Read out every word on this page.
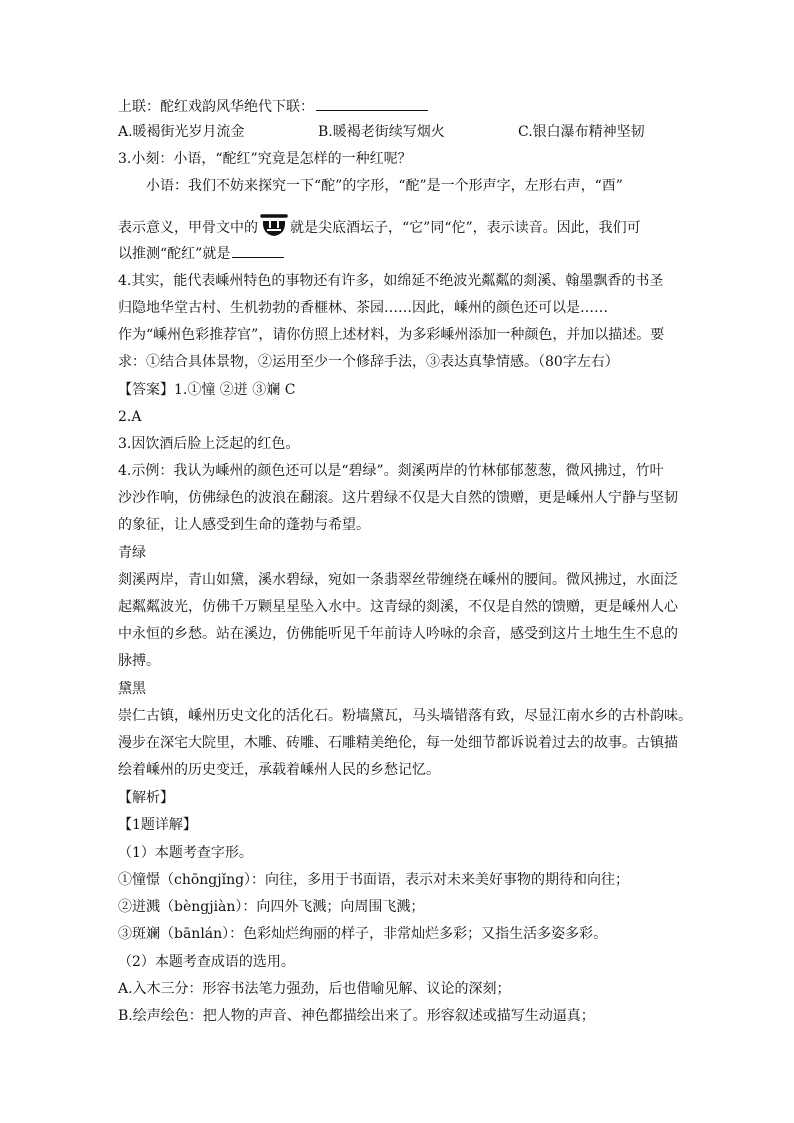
上联：酡红戏韵风华绝代下联：
A.暖褐街光岁月流金	B.暖褐老街续写烟火	C.银白瀑布精神坚韧
3.小刻：小语，“酡红”究竟是怎样的一种红呢？
小语：我们不妨来探究一下“酡”的字形，“酡”是一个形声字，左形右声，“酉”
表示意义，甲骨文中的 就是尖底酒坛子，“它”同“佗”，表示读音。因此，我们可
以推测“酡红”就是
4.其实，能代表嵊州特色的事物还有许多，如绵延不绝波光粼粼的剡溪、翰墨飘香的书圣
归隐地华堂古村、生机勃勃的香榧林、茶园……因此，嵊州的颜色还可以是……
作为“嵊州色彩推荐官”，请你仿照上述材料，为多彩嵊州添加一种颜色，并加以描述。要
求：①结合具体景物，②运用至少一个修辞手法，③表达真挚情感。（80字左右）
【答案】1.①憧 ②迸 ③斓 C
2.A
3.因饮酒后脸上泛起的红色。
4.示例：我认为嵊州的颜色还可以是“碧绿”。剡溪两岸的竹林郁郁葱葱，微风拂过，竹叶
沙沙作响，仿佛绿色的波浪在翻滚。这片碧绿不仅是大自然的馈赠，更是嵊州人宁静与坚韧
的象征，让人感受到生命的蓬勃与希望。
青绿
剡溪两岸，青山如黛，溪水碧绿，宛如一条翡翠丝带缠绕在嵊州的腰间。微风拂过，水面泛
起粼粼波光，仿佛千万颗星星坠入水中。这青绿的剡溪，不仅是自然的馈赠，更是嵊州人心
中永恒的乡愁。站在溪边，仿佛能听见千年前诗人吟咏的余音，感受到这片土地生生不息的
脉搏。
黛黑
崇仁古镇，嵊州历史文化的活化石。粉墙黛瓦，马头墙错落有致，尽显江南水乡的古朴韵味。
漫步在深宅大院里，木雕、砖雕、石雕精美绝伦，每一处细节都诉说着过去的故事。古镇描
绘着嵊州的历史变迁，承载着嵊州人民的乡愁记忆。
【解析】
【1题详解】
（1）本题考查字形。
①憧憬（chōngjǐng）：向往，多用于书面语，表示对未来美好事物的期待和向往；
②迸溅（bèngjiàn）：向四外飞溅；向周围飞溅；
③斑斓（bānlán）：色彩灿烂绚丽的样子，非常灿烂多彩；又指生活多姿多彩。
（2）本题考查成语的选用。
A.入木三分：形容书法笔力强劲，后也借喻见解、议论的深刻；
B.绘声绘色：把人物的声音、神色都描绘出来了。形容叙述或描写生动逼真；
